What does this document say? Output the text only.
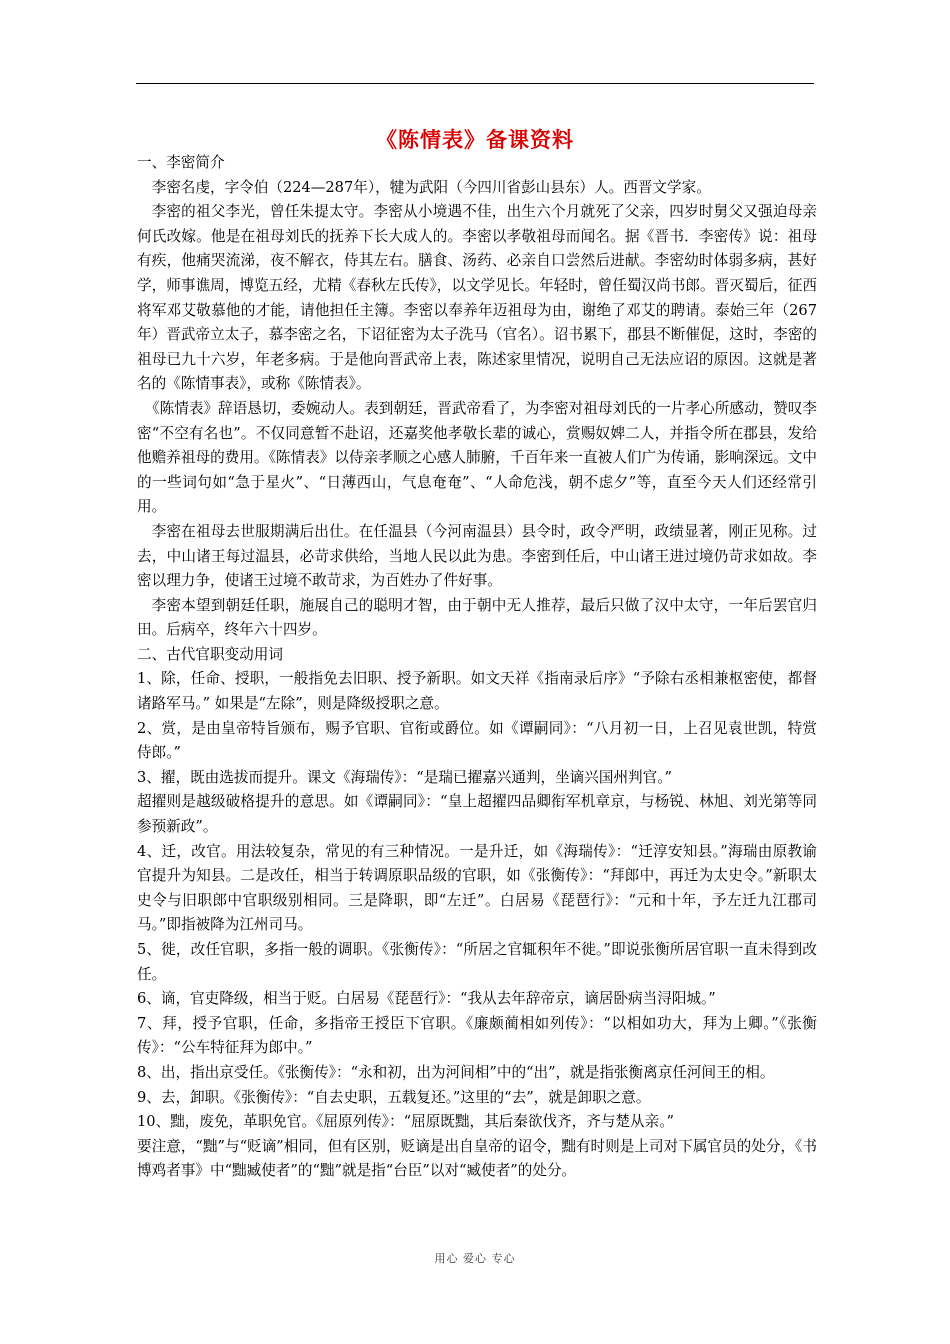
《陈情表》备课资料

一、李密简介

李密名虔，字令伯（224—287年），犍为武阳（今四川省彭山县东）人。西晋文学家。

李密的祖父李光，曾任朱提太守。李密从小境遇不佳，出生六个月就死了父亲，四岁时舅父又强迫母亲何氏改嫁。他是在祖母刘氏的抚养下长大成人的。李密以孝敬祖母而闻名。据《晋书．李密传》说：祖母有疾，他痛哭流涕，夜不解衣，侍其左右。膳食、汤药、必亲自口尝然后进献。李密幼时体弱多病，甚好学，师事谯周，博览五经，尤精《春秋左氏传》，以文学见长。年轻时，曾任蜀汉尚书郎。晋灭蜀后，征西将军邓艾敬慕他的才能，请他担任主簿。李密以奉养年迈祖母为由，谢绝了邓艾的聘请。泰始三年（267年）晋武帝立太子，慕李密之名，下诏征密为太子洗马（官名）。诏书累下，郡县不断催促，这时，李密的祖母已九十六岁，年老多病。于是他向晋武帝上表，陈述家里情况，说明自己无法应诏的原因。这就是著名的《陈情事表》，或称《陈情表》。

《陈情表》辞语恳切，委婉动人。表到朝廷，晋武帝看了，为李密对祖母刘氏的一片孝心所感动，赞叹李密“不空有名也”。不仅同意暂不赴诏，还嘉奖他孝敬长辈的诚心，赏赐奴婢二人，并指令所在郡县，发给他赡养祖母的费用。《陈情表》以侍亲孝顺之心感人肺腑，千百年来一直被人们广为传诵，影响深远。文中的一些词句如“急于星火”、“日薄西山，气息奄奄”、“人命危浅，朝不虑夕”等，直至今天人们还经常引用。

李密在祖母去世服期满后出仕。在任温县（今河南温县）县令时，政令严明，政绩显著，刚正见称。过去，中山诸王每过温县，必苛求供给，当地人民以此为患。李密到任后，中山诸王进过境仍苛求如故。李密以理力争，使诸王过境不敢苛求，为百姓办了件好事。

李密本望到朝廷任职，施展自己的聪明才智，由于朝中无人推荐，最后只做了汉中太守，一年后罢官归田。后病卒，终年六十四岁。

二、古代官职变动用词

1、除，任命、授职，一般指免去旧职、授予新职。如文天祥《指南录后序》“予除右丞相兼枢密使，都督诸路军马。” 如果是“左除”，则是降级授职之意。

2、赏，是由皇帝特旨颁布，赐予官职、官衔或爵位。如《谭嗣同》：“八月初一日，上召见袁世凯，特赏侍郎。”

3、擢，既由选拔而提升。课文《海瑞传》：“是瑞已擢嘉兴通判，坐谪兴国州判官。”

超擢则是越级破格提升的意思。如《谭嗣同》：“皇上超擢四品卿衔军机章京，与杨锐、林旭、刘光第等同参预新政”。

4、迁，改官。用法较复杂，常见的有三种情况。一是升迁，如《海瑞传》：“迁淳安知县。”海瑞由原教谕官提升为知县。二是改任，相当于转调原职品级的官职，如《张衡传》：“拜郎中，再迁为太史令。”新职太史令与旧职郎中官职级别相同。三是降职，即“左迁”。白居易《琵琶行》：“元和十年，予左迁九江郡司马。”即指被降为江州司马。

5、徙，改任官职，多指一般的调职。《张衡传》：“所居之官辄积年不徙。”即说张衡所居官职一直未得到改任。

6、谪，官吏降级，相当于贬。白居易《琵琶行》：“我从去年辞帝京，谪居卧病当浔阳城。”

7、拜，授予官职，任命，多指帝王授臣下官职。《廉颇蔺相如列传》：“以相如功大，拜为上卿。”《张衡传》：“公车特征拜为郎中。”

8、出，指出京受任。《张衡传》：“永和初，出为河间相”中的“出”，就是指张衡离京任河间王的相。

9、去，卸职。《张衡传》：“自去史职，五载复还。”这里的“去”，就是卸职之意。

10、黜，废免，革职免官。《屈原列传》：“屈原既黜，其后秦欲伐齐，齐与楚从亲。”

要注意，“黜”与“贬谪”相同，但有区别，贬谪是出自皇帝的诏令，黜有时则是上司对下属官员的处分，《书博鸡者事》中“黜臧使者”的“黜”就是指“台臣”以对“臧使者”的处分。

用心 爱心 专心
